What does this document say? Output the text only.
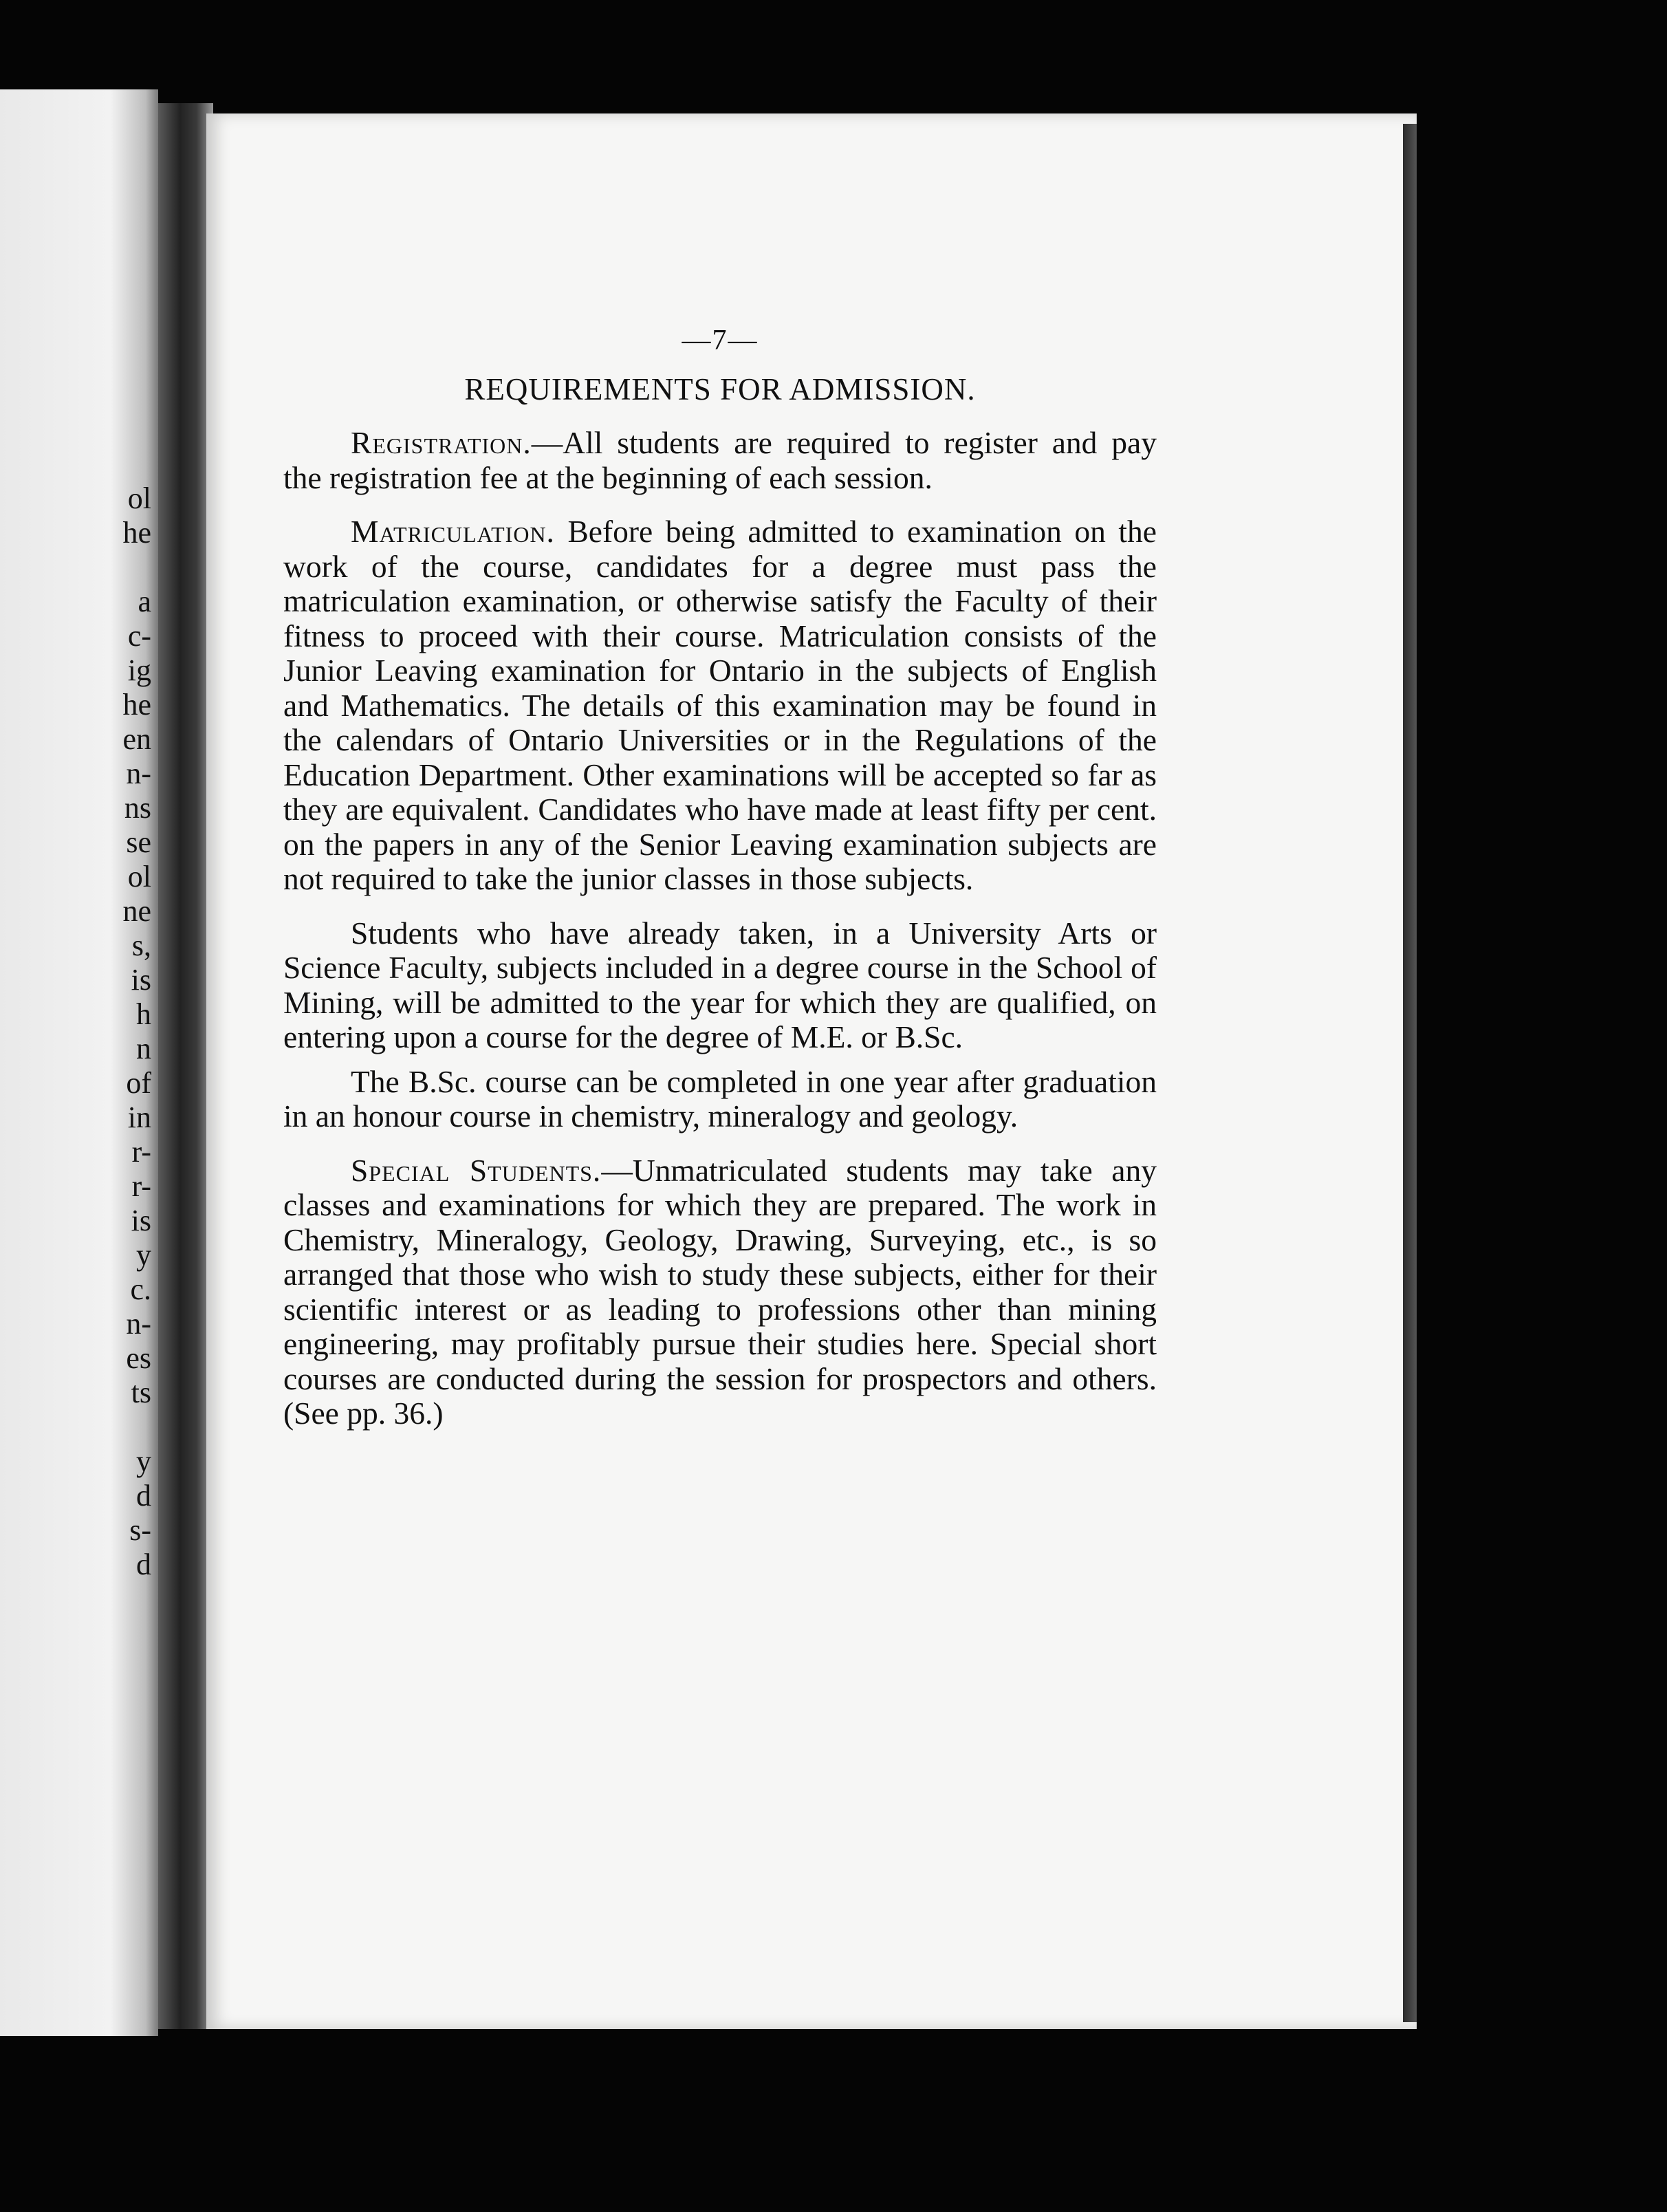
ol
he
a
c-
ig
he
en
n-
ns
se
ol
ne
s,
is
h
n
of
in
r-
r-
is
y
c.
n-
es
ts
y
d
s-
d
—7—
REQUIREMENTS FOR ADMISSION.

Registration.—All students are required to register and pay the registration fee at the beginning of each session.

Matriculation. Before being admitted to examination on the work of the course, candidates for a degree must pass the matriculation examination, or otherwise satisfy the Faculty of their fitness to proceed with their course. Matriculation consists of the Junior Leaving examination for Ontario in the subjects of English and Mathematics. The details of this examination may be found in the calendars of Ontario Universities or in the Regulations of the Education Department. Other examinations will be accepted so far as they are equivalent. Candidates who have made at least fifty per cent. on the papers in any of the Senior Leaving examination subjects are not required to take the junior classes in those subjects.

Students who have already taken, in a University Arts or Science Faculty, subjects included in a degree course in the School of Mining, will be admitted to the year for which they are qualified, on entering upon a course for the degree of M.E. or B.Sc.

The B.Sc. course can be completed in one year after graduation in an honour course in chemistry, mineralogy and geology.

Special Students.—Unmatriculated students may take any classes and examinations for which they are prepared. The work in Chemistry, Mineralogy, Geology, Drawing, Surveying, etc., is so arranged that those who wish to study these subjects, either for their scientific interest or as leading to professions other than mining engineering, may profitably pursue their studies here. Special short courses are conducted during the session for prospectors and others. (See pp. 36.)
